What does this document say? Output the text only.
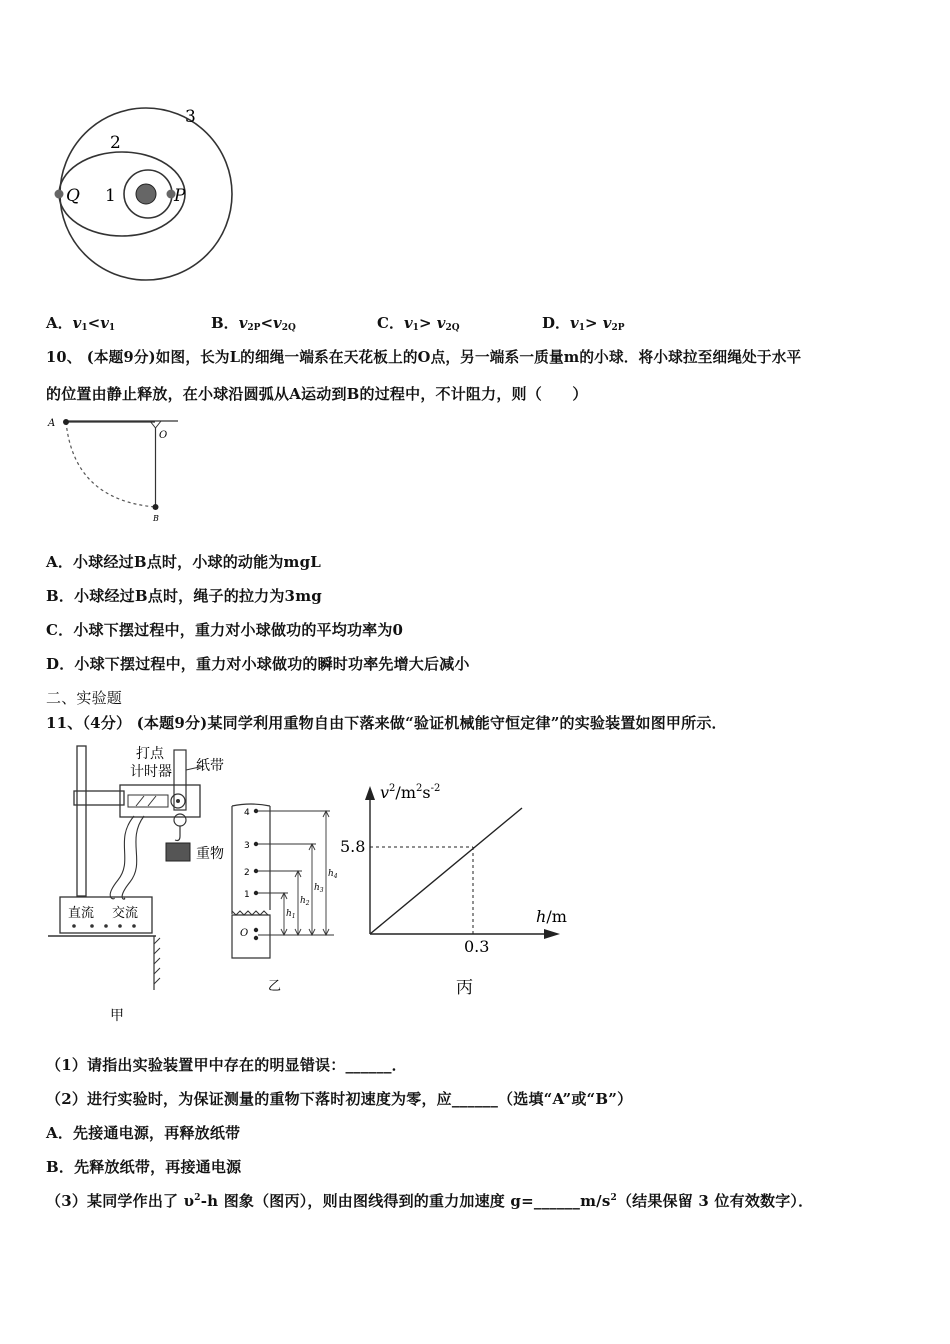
Q	P
1
2
3
A．$v_1<v_1$	B．$v_{2P}<v_{2Q}$	C．$v_1> v_{2Q}$	D．$v_1> v_{2P}$
10、 (本题9分)如图，长为L的细绳一端系在天花板上的O点，另一端系一质量m的小球．将小球拉至细绳处于水平
的位置由静止释放，在小球沿圆弧从A运动到B的过程中，不计阻力，则（　　）
A
O
B
A．小球经过B点时，小球的动能为mgL
B．小球经过B点时，绳子的拉力为3mg
C．小球下摆过程中，重力对小球做功的平均功率为0
D．小球下摆过程中，重力对小球做功的瞬时功率先增大后减小
二、实验题
11、（4分） (本题9分)某同学利用重物自由下落来做“验证机械能守恒定律”的实验装置如图甲所示．
打点
计时器 纸带
重物
直流 交流
甲
4
3
2
1
O
$h_1$
$h_2$
$h_3$
$h_4$
乙
$v^2/m^2s^{-2}$
h/m
5.8
0.3
丙
（1）请指出实验装置甲中存在的明显错误：______．
（2）进行实验时，为保证测量的重物下落时初速度为零，应______（选填“A”或“B”）
A．先接通电源，再释放纸带
B．先释放纸带，再接通电源
（3）某同学作出了 $\upsilon^2-h$ 图象（图丙），则由图线得到的重力加速度 $g=\_\_\_\_\_\_m/s^2$（结果保留 3 位有效数字）．
